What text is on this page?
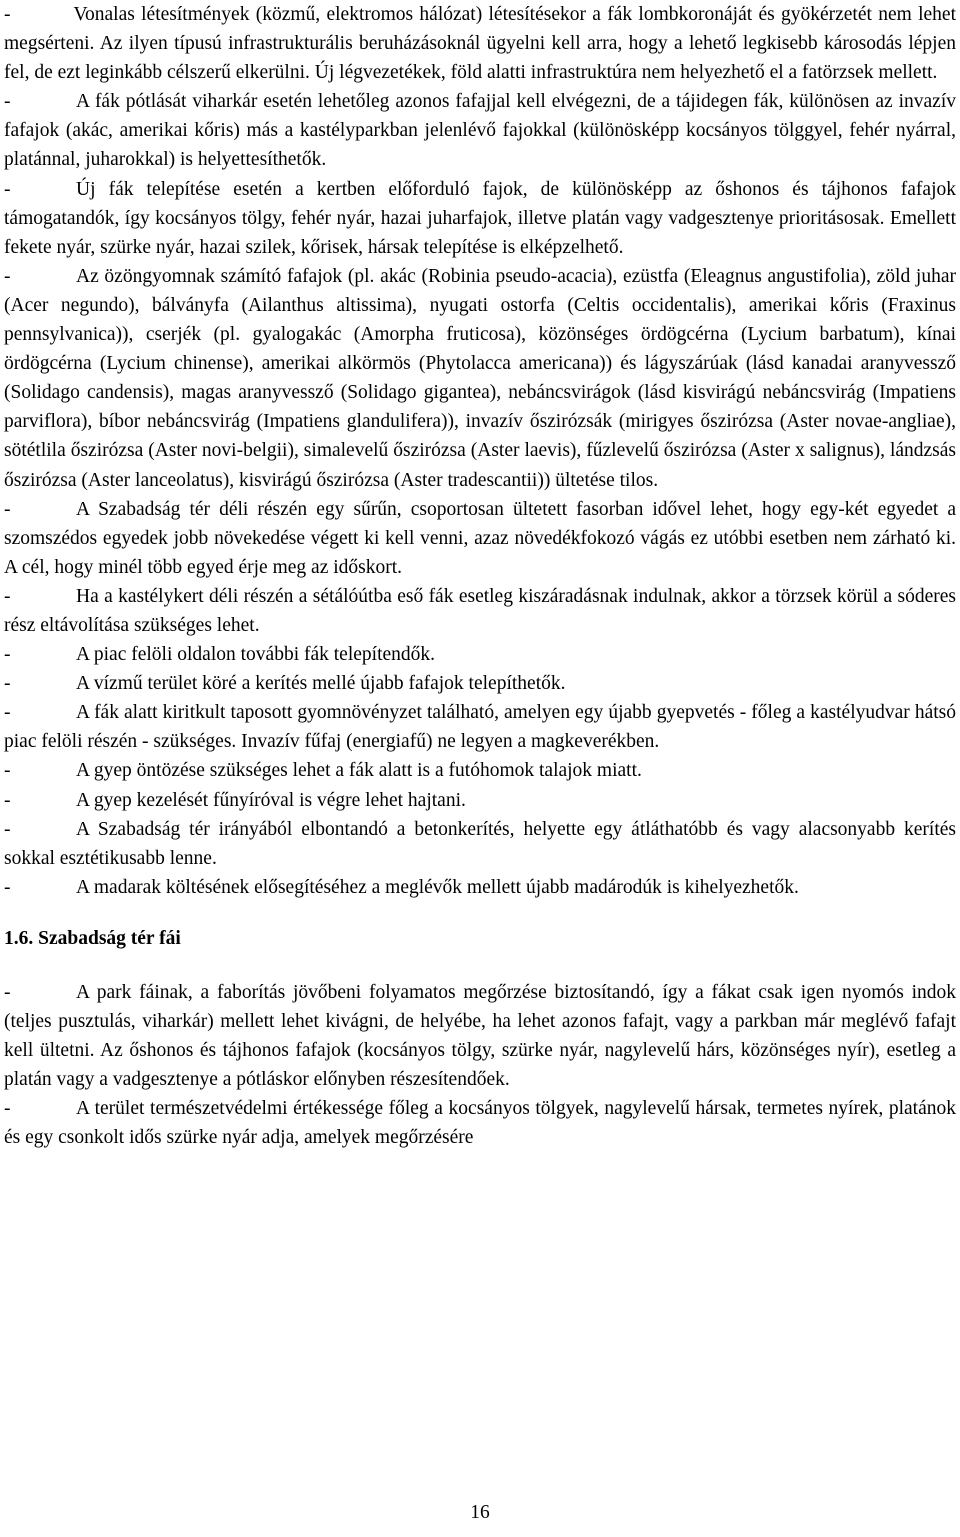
-          Vonalas létesítmények (közmű, elektromos hálózat) létesítésekor a fák lombkoronáját és gyökérzetét nem lehet megsérteni. Az ilyen típusú infrastrukturális beruházásoknál ügyelni kell arra, hogy a lehető legkisebb károsodás lépjen fel, de ezt leginkább célszerű elkerülni. Új légvezetékek, föld alatti infrastruktúra nem helyezhető el a fatörzsek mellett.

-	A fák pótlását viharkár esetén lehetőleg azonos fafajjal kell elvégezni, de a tájidegen fák, különösen az invazív fafajok (akác, amerikai kőris) más a kastélyparkban jelenlévő fajokkal (különösképp kocsányos tölggyel, fehér nyárral, platánnal, juharokkal) is helyettesíthetők.

-	Új fák telepítése esetén a kertben előforduló fajok, de különösképp az őshonos és tájhonos fafajok támogatandók, így kocsányos tölgy, fehér nyár, hazai juharfajok, illetve platán vagy vadgesztenye prioritásosak. Emellett fekete nyár, szürke nyár, hazai szilek, kőrisek, hársak telepítése is elképzelhető.

-	Az özöngyomnak számító fafajok (pl. akác (Robinia pseudo-acacia), ezüstfa (Eleagnus angustifolia), zöld juhar (Acer negundo), bálványfa (Ailanthus altissima), nyugati ostorfa (Celtis occidentalis), amerikai kőris (Fraxinus pennsylvanica)), cserjék (pl. gyalogakác (Amorpha fruticosa), közönséges ördögcérna (Lycium barbatum), kínai ördögcérna (Lycium chinense), amerikai alkörmös (Phytolacca americana)) és lágyszárúak (lásd kanadai aranyvessző (Solidago candensis), magas aranyvessző (Solidago gigantea), nebáncsvirágok (lásd kisvirágú nebáncsvirág (Impatiens parviflora), bíbor nebáncsvirág (Impatiens glandulifera)), invazív őszirózsák (mirigyes őszirózsa (Aster novae-angliae), sötétlila őszirózsa (Aster novi-belgii), simalevelű őszirózsa (Aster laevis), fűzlevelű őszirózsa (Aster x salignus), lándzsás őszirózsa (Aster lanceolatus), kisvirágú őszirózsa (Aster tradescantii)) ültetése tilos.

-	A Szabadság tér déli részén egy sűrűn, csoportosan ültetett fasorban idővel lehet, hogy egy-két egyedet a szomszédos egyedek jobb növekedése végett ki kell venni, azaz növedékfokozó vágás ez utóbbi esetben nem zárható ki. A cél, hogy minél több egyed érje meg az időskort.

-	Ha a kastélykert déli részén a sétálóútba eső fák esetleg kiszáradásnak indulnak, akkor a törzsek körül a sóderes rész eltávolítása szükséges lehet.

-	A piac felöli oldalon további fák telepítendők.

-	A vízmű terület köré a kerítés mellé újabb fafajok telepíthetők.

-	A fák alatt kiritkult taposott gyomnövényzet található, amelyen egy újabb gyepvetés - főleg a kastélyudvar hátsó piac felöli részén - szükséges. Invazív fűfaj (energiafű) ne legyen a magkeverékben.

-	A gyep öntözése szükséges lehet a fák alatt is a futóhomok talajok miatt.

-	A gyep kezelését fűnyíróval is végre lehet hajtani.

-	A Szabadság tér irányából elbontandó a betonkerítés, helyette egy átláthatóbb és vagy alacsonyabb kerítés sokkal esztétikusabb lenne.

-	A madarak költésének elősegítéséhez a meglévők mellett újabb madárodúk is kihelyezhetők.

1.6. Szabadság tér fái

-	A park fáinak, a faborítás jövőbeni folyamatos megőrzése biztosítandó, így a fákat csak igen nyomós indok (teljes pusztulás, viharkár) mellett lehet kivágni, de helyébe, ha lehet azonos fafajt, vagy a parkban már meglévő fafajt kell ültetni. Az őshonos és tájhonos fafajok (kocsányos tölgy, szürke nyár, nagylevelű hárs, közönséges nyír), esetleg a platán vagy a vadgesztenye a pótláskor előnyben részesítendőek.

-	A terület természetvédelmi értékessége főleg a kocsányos tölgyek, nagylevelű hársak, termetes nyírek, platánok és egy csonkolt idős szürke nyár adja, amelyek megőrzésére

16
